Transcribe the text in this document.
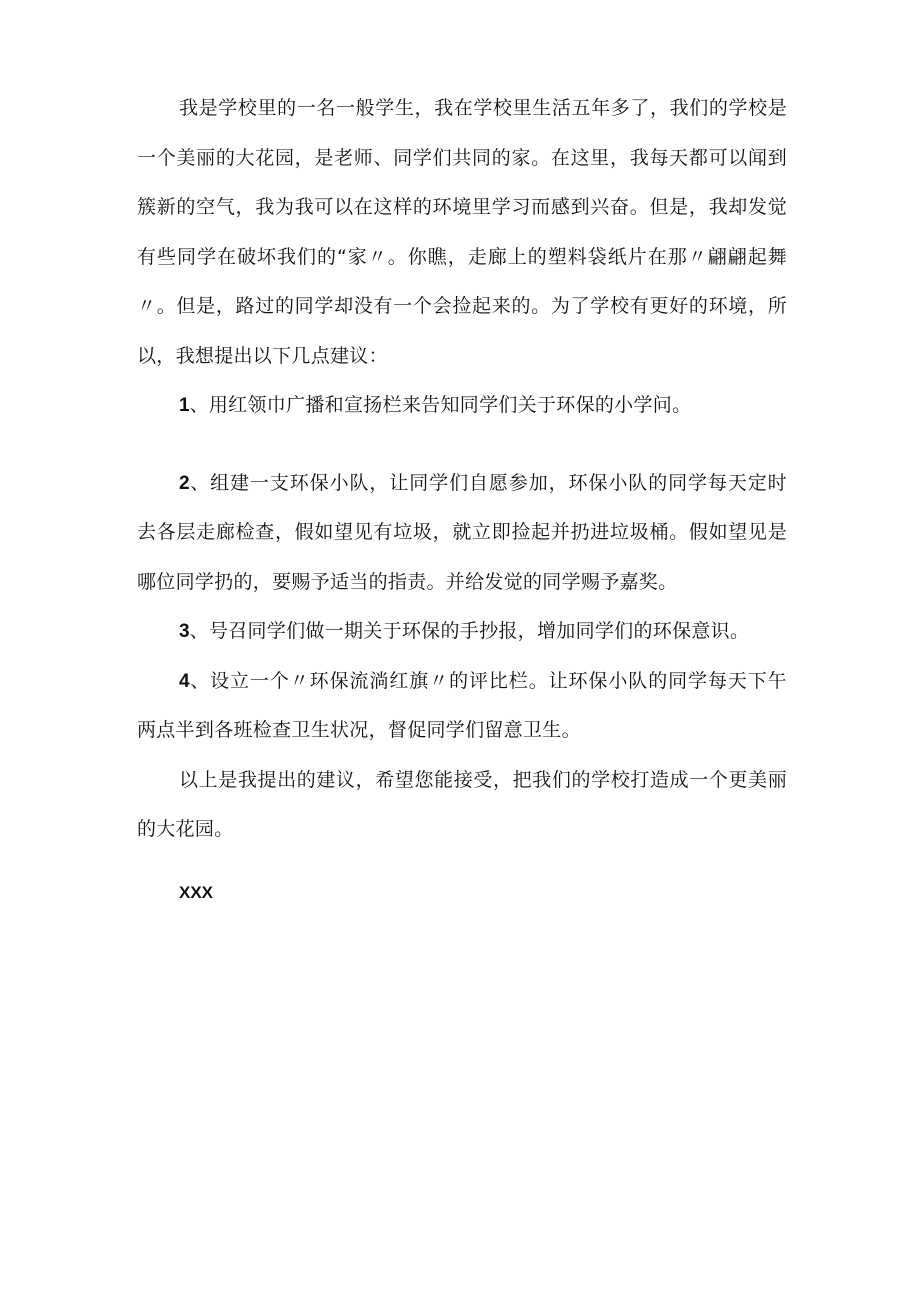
我是学校里的一名一般学生，我在学校里生活五年多了，我们的学校是一个美丽的大花园，是老师、同学们共同的家。在这里，我每天都可以闻到簇新的空气，我为我可以在这样的环境里学习而感到兴奋。但是，我却发觉有些同学在破坏我们的“家〃。你瞧，走廊上的塑料袋纸片在那〃翩翩起舞〃。但是，路过的同学却没有一个会捡起来的。为了学校有更好的环境，所以，我想提出以下几点建议：

1、用红领巾广播和宣扬栏来告知同学们关于环保的小学问。

2、组建一支环保小队，让同学们自愿参加，环保小队的同学每天定时去各层走廊检查，假如望见有垃圾，就立即捡起并扔进垃圾桶。假如望见是哪位同学扔的，要赐予适当的指责。并给发觉的同学赐予嘉奖。

3、号召同学们做一期关于环保的手抄报，增加同学们的环保意识。

4、设立一个〃环保流淌红旗〃的评比栏。让环保小队的同学每天下午两点半到各班检查卫生状况，督促同学们留意卫生。

以上是我提出的建议，希望您能接受，把我们的学校打造成一个更美丽的大花园。

XXX
